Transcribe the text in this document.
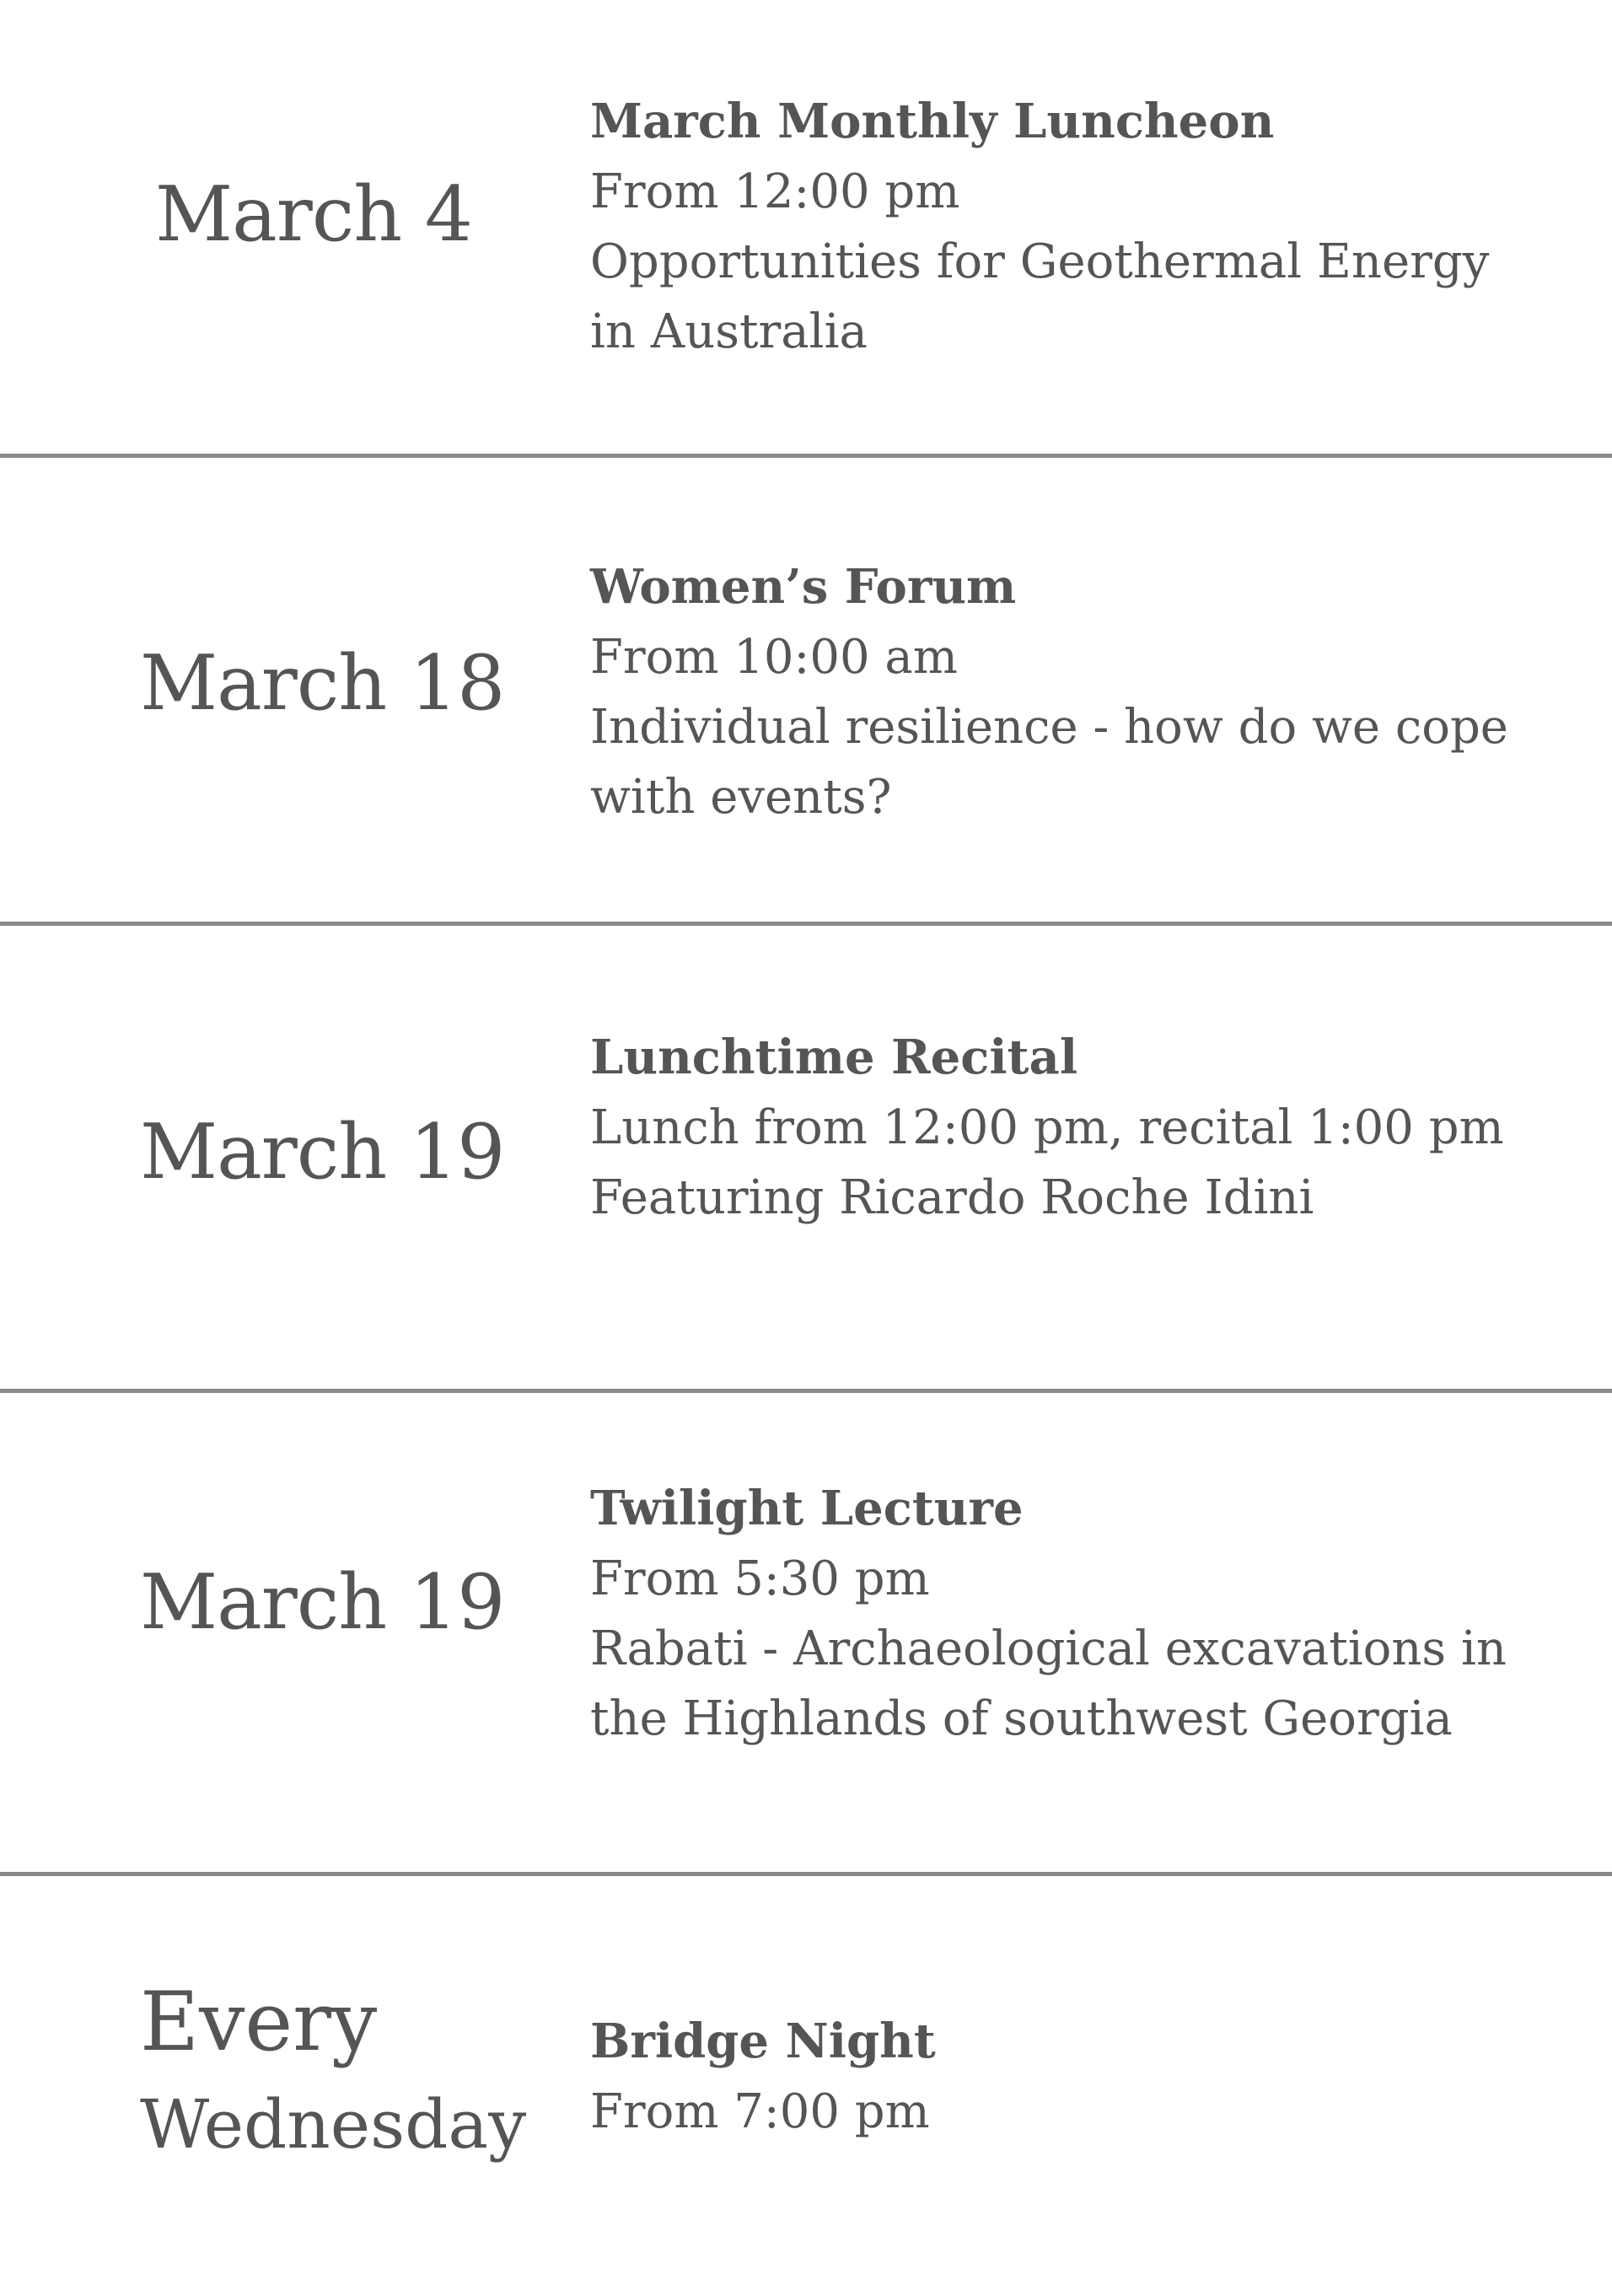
March 4
March Monthly Luncheon
From 12:00 pm
Opportunities for Geothermal Energy
in Australia
March 18
Women’s Forum
From 10:00 am
Individual resilience - how do we cope
with events?
March 19
Lunchtime Recital
Lunch from 12:00 pm, recital 1:00 pm
Featuring Ricardo Roche Idini
March 19
Twilight Lecture
From 5:30 pm
Rabati - Archaeological excavations in
the Highlands of southwest Georgia
Every
Wednesday
Bridge Night
From 7:00 pm
